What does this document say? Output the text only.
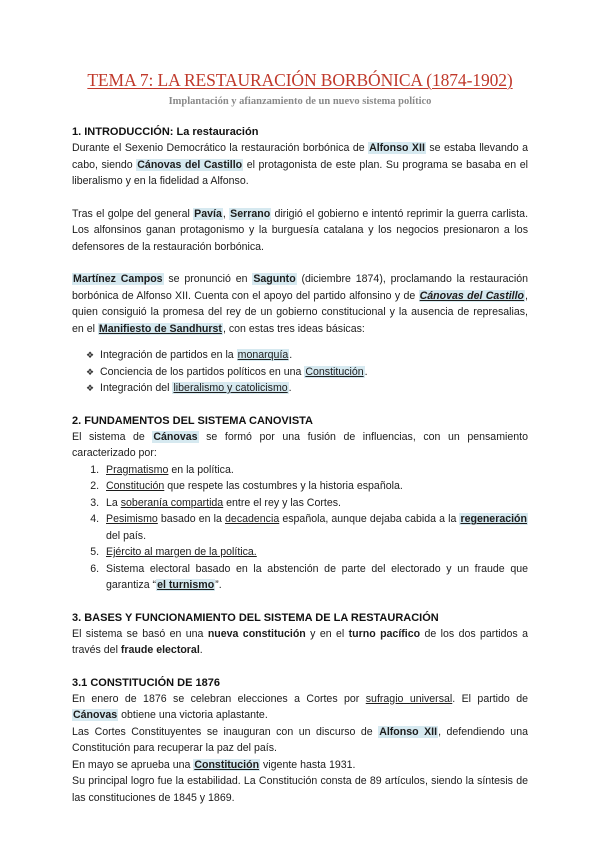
TEMA 7: LA RESTAURACIÓN BORBÓNICA (1874-1902)
Implantación y afianzamiento de un nuevo sistema político
1. INTRODUCCIÓN: La restauración

Durante el Sexenio Democrático la restauración borbónica de Alfonso XII se estaba llevando a cabo, siendo Cánovas del Castillo el protagonista de este plan. Su programa se basaba en el liberalismo y en la fidelidad a Alfonso.

Tras el golpe del general Pavía, Serrano dirigió el gobierno e intentó reprimir la guerra carlista. Los alfonsinos ganan protagonismo y la burguesía catalana y los negocios presionaron a los defensores de la restauración borbónica.

Martínez Campos se pronunció en Sagunto (diciembre 1874), proclamando la restauración borbónica de Alfonso XII. Cuenta con el apoyo del partido alfonsino y de Cánovas del Castillo, quien consiguió la promesa del rey de un gobierno constitucional y la ausencia de represalias, en el Manifiesto de Sandhurst, con estas tres ideas básicas:

❖ Integración de partidos en la monarquía.
❖ Conciencia de los partidos políticos en una Constitución.
❖ Integración del liberalismo y catolicismo.
2. FUNDAMENTOS DEL SISTEMA CANOVISTA

El sistema de Cánovas se formó por una fusión de influencias, con un pensamiento caracterizado por:

1. Pragmatismo en la política.
2. Constitución que respete las costumbres y la historia española.
3. La soberanía compartida entre el rey y las Cortes.
4. Pesimismo basado en la decadencia española, aunque dejaba cabida a la regeneración del país.
5. Ejército al margen de la política.
6. Sistema electoral basado en la abstención de parte del electorado y un fraude que garantiza “el turnismo”.
3. BASES Y FUNCIONAMIENTO DEL SISTEMA DE LA RESTAURACIÓN

El sistema se basó en una nueva constitución y en el turno pacífico de los dos partidos a través del fraude electoral.

3.1 CONSTITUCIÓN DE 1876

En enero de 1876 se celebran elecciones a Cortes por sufragio universal. El partido de Cánovas obtiene una victoria aplastante.

Las Cortes Constituyentes se inauguran con un discurso de Alfonso XII, defendiendo una Constitución para recuperar la paz del país.

En mayo se aprueba una Constitución vigente hasta 1931.

Su principal logro fue la estabilidad. La Constitución consta de 89 artículos, siendo la síntesis de las constituciones de 1845 y 1869.
